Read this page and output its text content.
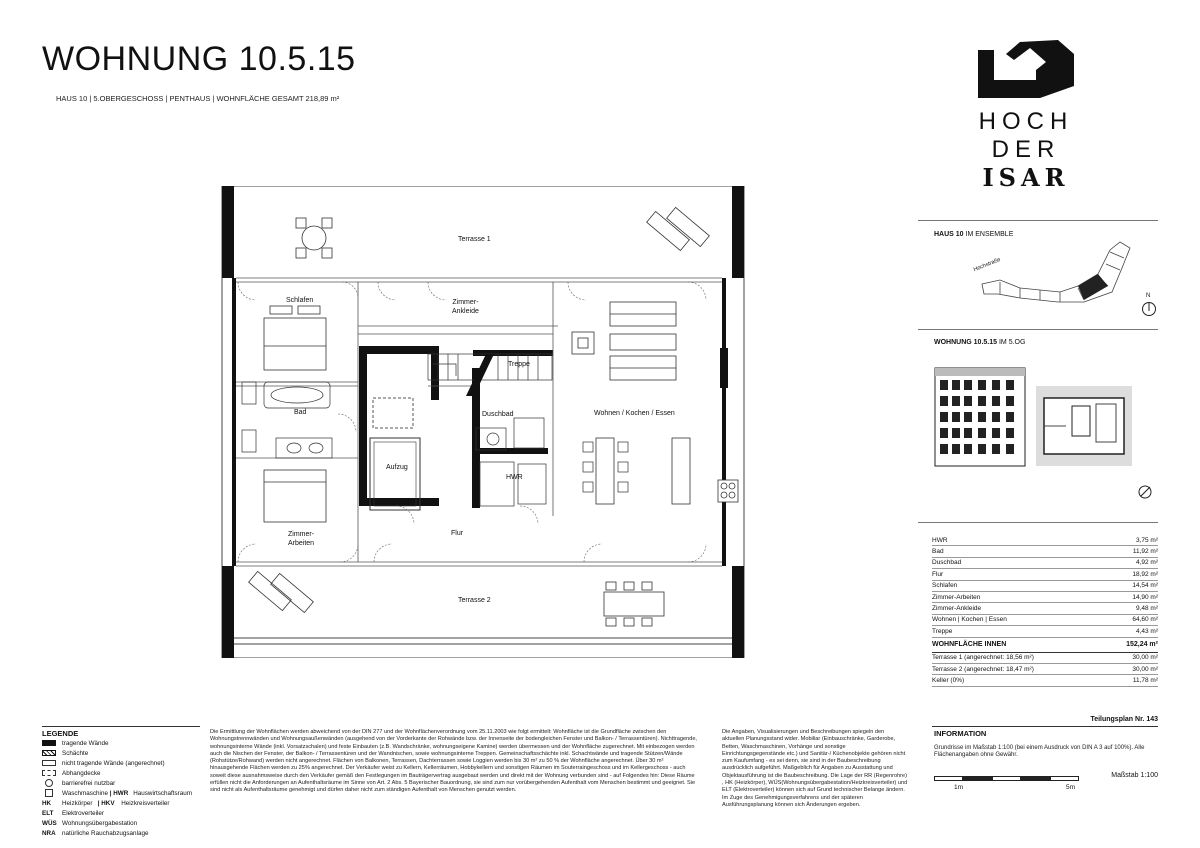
WOHNUNG 10.5.15
HAUS 10 | 5.OBERGESCHOSS | PENTHAUS | WOHNFLÄCHE GESAMT 218,89 m²
HOCH
DER
ISAR
HAUS 10 IM ENSEMBLE
Hochstraße
N
WOHNUNG 10.5.15 IM 5.OG
HWR	3,75 m²
Bad	11,92 m²
Duschbad	4,92 m²
Flur	18,92 m²
Schlafen	14,54 m²
Zimmer-Arbeiten	14,90 m²
Zimmer-Ankleide	9,48 m²
Wohnen | Kochen | Essen	64,60 m²
Treppe	4,43 m²
WOHNFLÄCHE INNEN	152,24 m²
Terrasse 1 (angerechnet: 18,56 m²)	30,00 m²
Terrasse 2 (angerechnet: 18,47 m²)	30,00 m²
Keller (0%)	11,78 m²
Teilungsplan Nr. 143
Schlafen	Zimmer-
Ankleide
Treppe
Bad	Duschbad	Wohnen / Kochen / Essen
Aufzug
HWR
Zimmer-
Arbeiten
Flur
Terrasse 1
Terrasse 2
LEGENDE
tragende Wände
Schächte
nicht tragende Wände (angerechnet)
Abhangdecke
barrierefrei nutzbar
Waschmaschine | HWR Hauswirtschaftsraum
HK Heizkörper   | HKV Heizkreisverteiler
ELT Elektroverteiler
WÜS Wohnungsübergabestation
NRA natürliche Rauchabzugsanlage
Die Ermittlung der Wohnflächen werden abweichend von der DIN 277 und der Wohnflächenverordnung vom 25.11.2003 wie folgt ermittelt: Wohnfläche ist die Grundfläche zwischen den Wohnungstrennwänden und Wohnungsaußenwänden (ausgehend von der Vorderkante der Rohwände bzw. der Innenseite der bodengleichen Fenster und Balkon- / Terrassentüren). Nichttragende, wohnungsinterne Wände (inkl. Vorsatzschalen) und feste Einbauten (z.B. Wandschränke, wohnungseigene Kamine) werden übermessen und der Wohnfläche zugerechnet. Mit einbezogen werden auch die Nischen der Fenster, der Balkon- / Terrassentüren und der Wandnischen, sowie wohnungsinterne Treppen. Gemeinschaftsschächte inkl. Schachtwände und tragende Stützen/Wände (Rohstütze/Rohwand) werden nicht angerechnet. Flächen von Balkonen, Terrassen, Dachterrassen sowie Loggien werden bis 30 m² zu 50 % der Wohnfläche angerechnet. Über 30 m² hinausgehende Flächen werden zu 25% angerechnet. Der Verkäufer weist zu Kellern, Kellerräumen, Hobbykellern und sonstigen Räumen im Souterraingeschoss und im Kellergeschoss - auch soweit diese ausnahmsweise durch den Verkäufer gemäß den Festlegungen im Bauträgervertrag ausgebaut werden und direkt mit der Wohnung verbunden sind - auf Folgendes hin: Diese Räume erfüllen nicht die Anforderungen an Aufenthaltsräume im Sinne von Art. 2 Abs. 5 Bayerischer Bauordnung, sie sind zum nur vorübergehenden Aufenthalt vom Menschen bestimmt und geeignet. Sie sind nicht als Aufenthaltsräume genehmigt und dürfen daher nicht zum ständigen Aufenthalt von Menschen genutzt werden.
Die Angaben, Visualisierungen und Beschreibungen spiegeln den aktuellen Planungsstand wider. Mobiliar (Einbauschränke, Garderobe, Betten, Waschmaschinen, Vorhänge und sonstige Einrichtungsgegenstände etc.) und Sanitär-/ Küchenobjekte gehören nicht zum Kaufumfang - es sei denn, sie sind in der Baubeschreibung ausdrücklich aufgeführt. Maßgeblich für Angaben zu Ausstattung und Objektausführung ist die Baubeschreibung. Die Lage der RR (Regenrohre) , HK (Heizkörper), WÜS(Wohnungsübergabestation/Heizkreisverteiler) und ELT (Elektroverteiler) können sich auf Grund technischer Belange ändern. Im Zuge des Genehmigungsverfahrens und der späteren Ausführungsplanung können sich Änderungen ergeben.
INFORMATION
Grundrisse im Maßstab 1:100 (bei einem Ausdruck von DIN A 3 auf 100%). Alle Flächenangaben ohne Gewähr.
1m	5m
Maßstab 1:100
